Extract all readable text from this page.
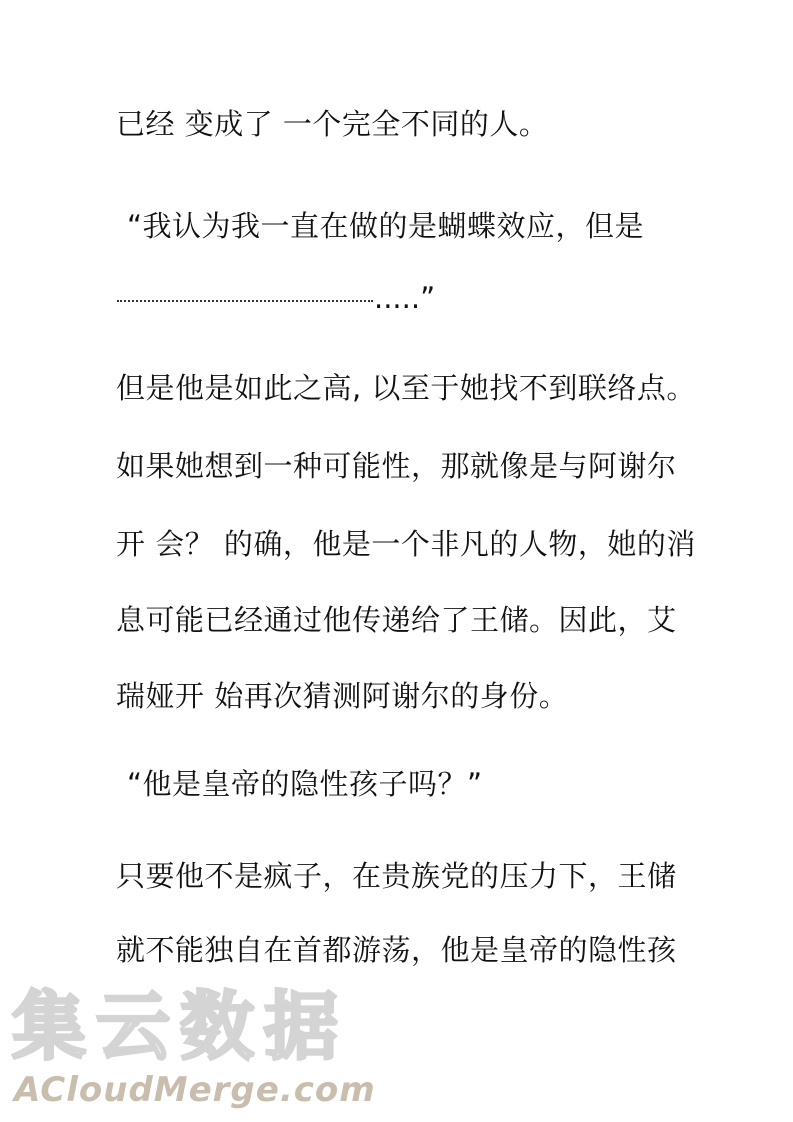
已经 变成了 一个完全不同的人。
“我认为我一直在做的是蝴蝶效应，但是
.....”
但是他是如此之高, 以至于她找不到联络点。
如果她想到一种可能性，那就像是与阿谢尔
开 会？ 的确，他是一个非凡的人物，她的消
息可能已经通过他传递给了王储。因此，艾
瑞娅开 始再次猜测阿谢尔的身份。
“他是皇帝的隐性孩子吗？”
只要他不是疯子，在贵族党的压力下，王储
就不能独自在首都游荡，他是皇帝的隐性孩
集云数据
ACloudMerge.com
